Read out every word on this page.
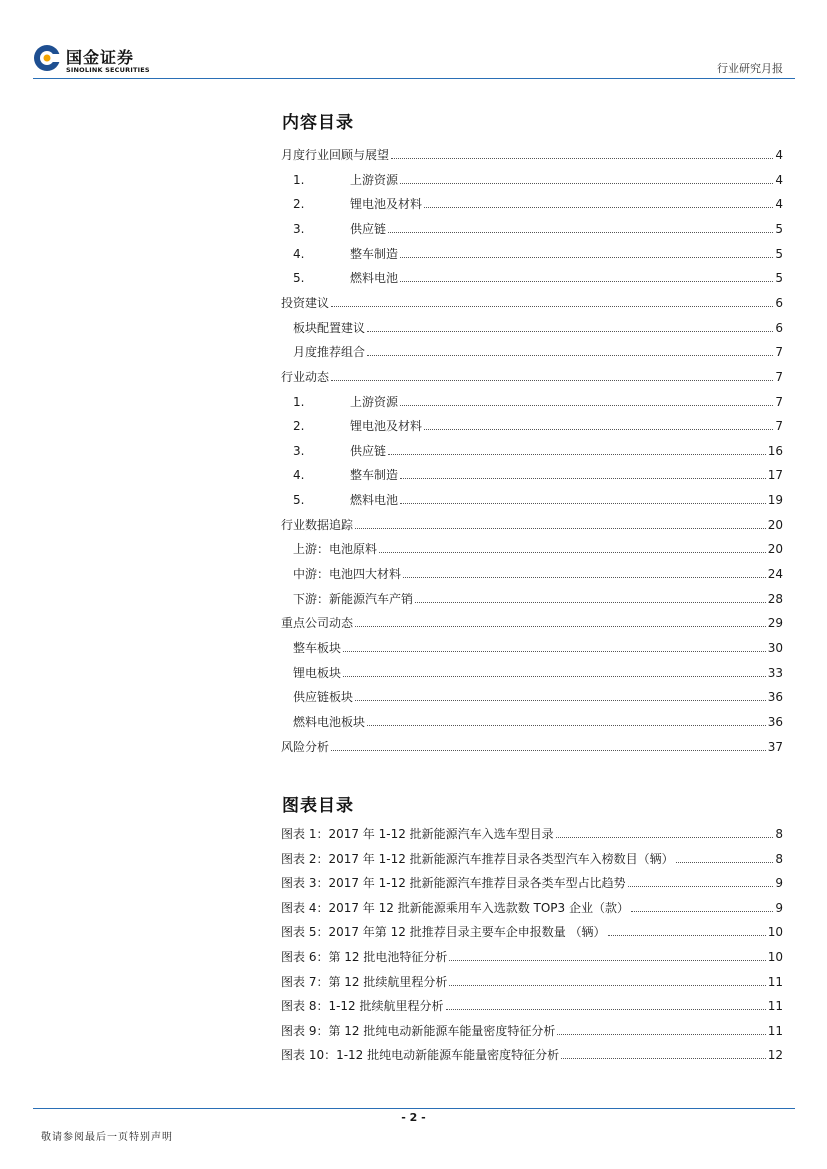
国金证券
SINOLINK SECURITIES	行业研究月报
内容目录
月度行业回顾与展望	4
1.	上游资源	4
2.	锂电池及材料	4
3.	供应链	5
4.	整车制造	5
5.	燃料电池	5
投资建议	6
板块配置建议	6
月度推荐组合	7
行业动态	7
1.	上游资源	7
2.	锂电池及材料	7
3.	供应链	16
4.	整车制造	17
5.	燃料电池	19
行业数据追踪	20
上游：电池原料	20
中游：电池四大材料	24
下游：新能源汽车产销	28
重点公司动态	29
整车板块	30
锂电板块	33
供应链板块	36
燃料电池板块	36
风险分析	37
图表目录
图表 1：2017 年 1-12 批新能源汽车入选车型目录	8
图表 2：2017 年 1-12 批新能源汽车推荐目录各类型汽车入榜数目（辆）	8
图表 3：2017 年 1-12 批新能源汽车推荐目录各类车型占比趋势	9
图表 4：2017 年 12 批新能源乘用车入选款数 TOP3 企业（款）	9
图表 5：2017 年第 12 批推荐目录主要车企申报数量 （辆）	10
图表 6：第 12 批电池特征分析	10
图表 7：第 12 批续航里程分析	11
图表 8：1-12 批续航里程分析	11
图表 9：第 12 批纯电动新能源车能量密度特征分析	11
图表 10：1-12 批纯电动新能源车能量密度特征分析	12
- 2 -
敬请参阅最后一页特别声明
